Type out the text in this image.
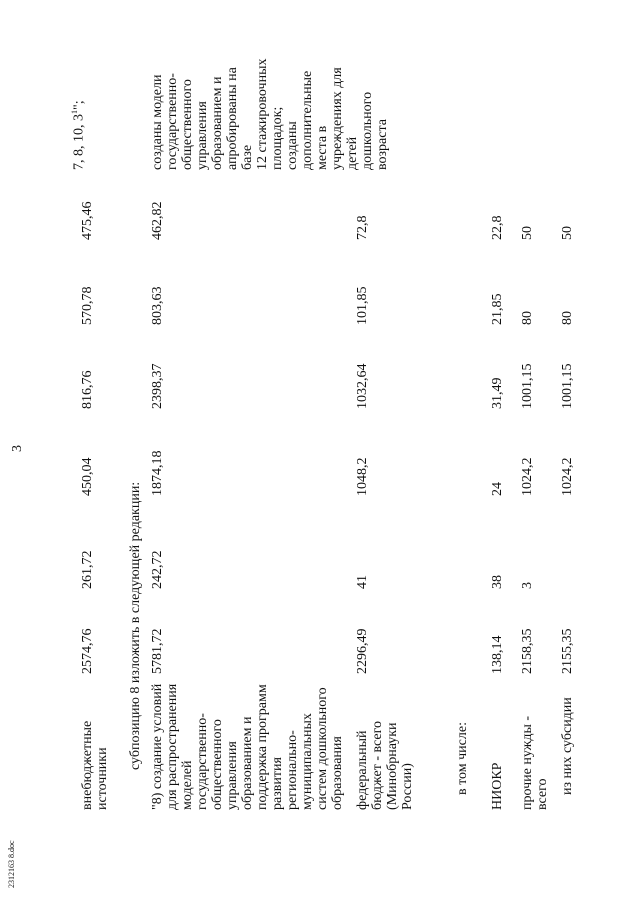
3
внебюджетные
источники
2574,76
261,72
450,04
816,76
570,78
475,46
субпозицию 8 изложить в следующей редакции:
"8) создание условий
для распространения
моделей
государственно-
общественного
управления
образованием и
поддержка программ
развития
регионально-
муниципальных
систем дошкольного
образования
5781,72
242,72
1874,18
2398,37
803,63
462,82
созданы модели
государственно-
общественного
управления
образованием и
апробированы на
базе
12 стажировочных
площадок;
созданы
дополнительные
места в
учреждениях для
детей
дошкольного
возраста
7, 8, 10, $3^1$";
федеральный
бюджет - всего
(Минобрнауки
России)
2296,49
41
1048,2
1032,64
101,85
72,8
в том числе: НИОКР
138,14
38
24
31,49
21,85
22,8
прочие нужды -
всего
2158,35
3
1024,2
1001,15
80
50
из них субсидии
2155,35
1024,2
1001,15
80
50
2312163 8.doc
